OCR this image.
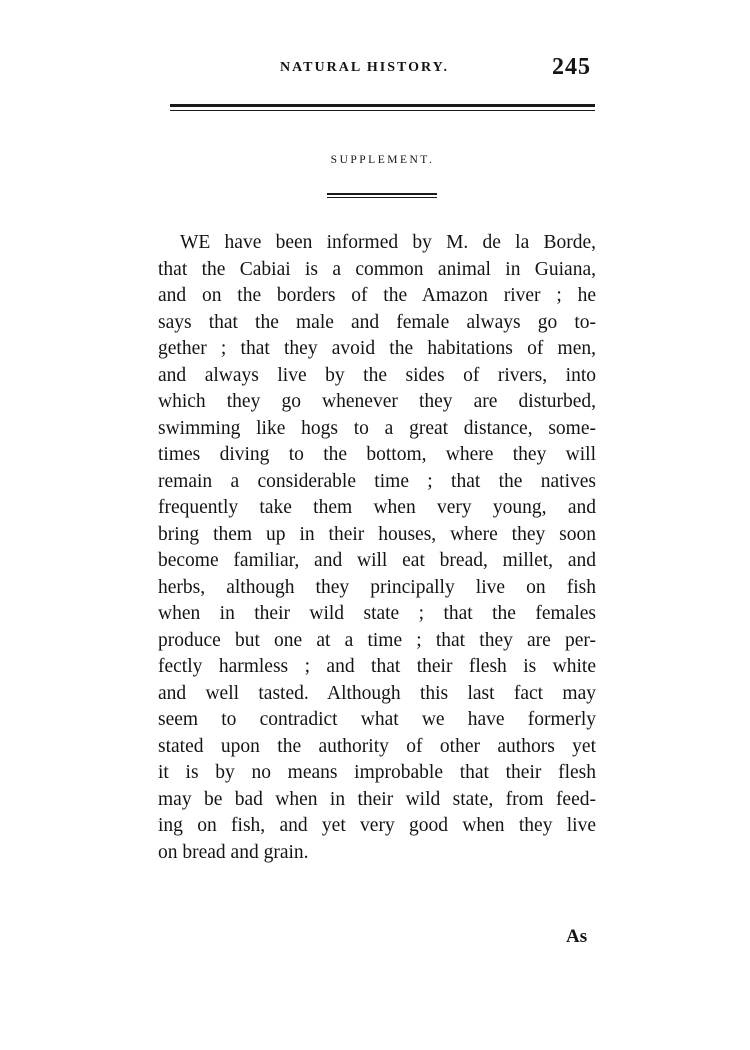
NATURAL HISTORY.	245
SUPPLEMENT.
WE have been informed by M. de la Borde,
that the Cabiai is a common animal in Guiana,
and on the borders of the Amazon river ; he
says that the male and female always go to-
gether ; that they avoid the habitations of men,
and always live by the sides of rivers, into
which they go whenever they are disturbed,
swimming like hogs to a great distance, some-
times diving to the bottom, where they will
remain a considerable time ; that the natives
frequently take them when very young, and
bring them up in their houses, where they soon
become familiar, and will eat bread, millet, and
herbs, although they principally live on fish
when in their wild state ; that the females
produce but one at a time ; that they are per-
fectly harmless ; and that their flesh is white
and well tasted. Although this last fact may
seem to contradict what we have formerly
stated upon the authority of other authors yet
it is by no means improbable that their flesh
may be bad when in their wild state, from feed-
ing on fish, and yet very good when they live
on bread and grain.
As
